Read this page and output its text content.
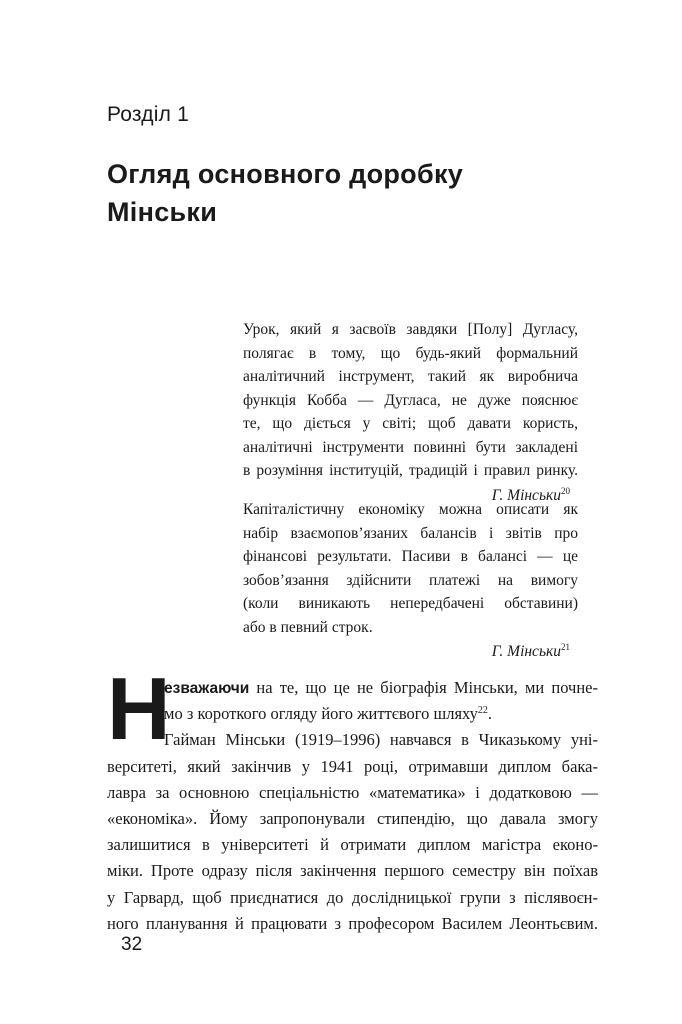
Розділ 1
Огляд основного доробку
Мінськи
Урок, який я засвоїв завдяки [Полу] Дугласу,
полягає в тому, що будь-який формальний
аналітичний інструмент, такий як виробнича
функція Кобба — Дугласа, не дуже пояснює
те, що діється у світі; щоб давати користь,
аналітичні інструменти повинні бути закладені
в розуміння інституцій, традицій і правил ринку.
Г. Мінськи$^{20}$
Капіталістичну економіку можна описати як
набір взаємопов’язаних балансів і звітів про
фінансові результати. Пасиви в балансі — це
зобов’язання здійснити платежі на вимогу
(коли виникають непередбачені обставини)
або в певний строк.
Г. Мінськи$^{21}$
Н
езважаючи на те, що це не біографія Мінськи, ми почне-
мо з короткого огляду його життєвого шляху$^{22}$.
Гайман Мінськи (1919–1996) навчався в Чиказькому уні-
верситеті, який закінчив у 1941 році, отримавши диплом бака-
лавра за основною спеціальністю «математика» і додатковою —
«економіка». Йому запропонували стипендію, що давала змогу
залишитися в університеті й отримати диплом магістра еконо-
міки. Проте одразу після закінчення першого семестру він поїхав
у Гарвард, щоб приєднатися до дослідницької групи з післявоєн-
ного планування й працювати з професором Василем Леонтьєвим.
32
